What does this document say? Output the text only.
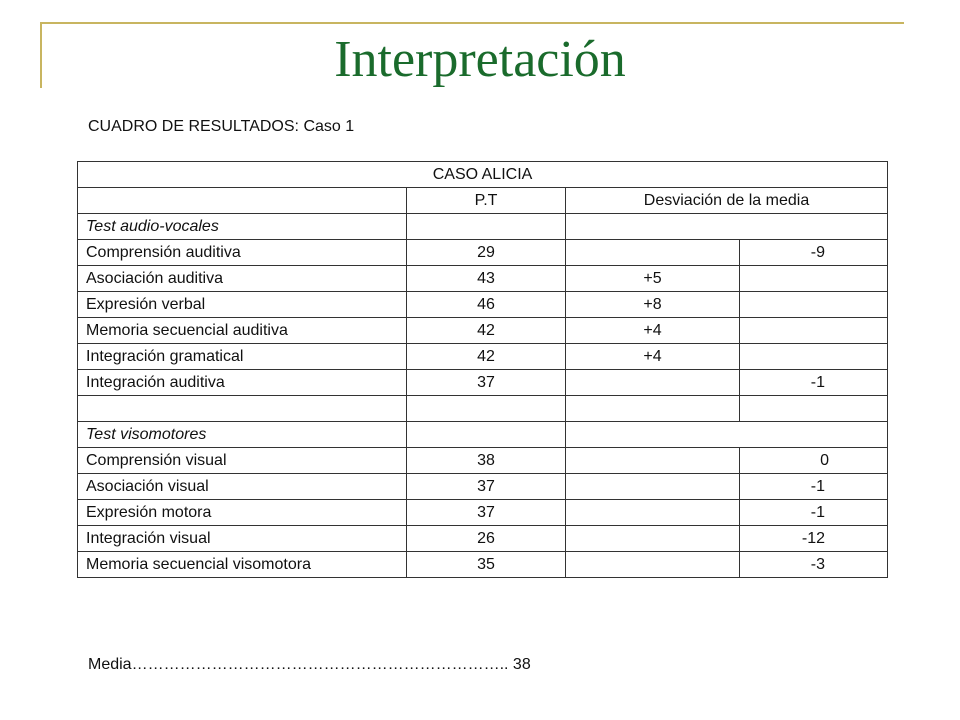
Interpretación

CUADRO DE RESULTADOS: Caso 1

CASO ALICIA			
	P.T	Desviación de la media	
Test audio-vocales			
Comprensión auditiva	29		-9
Asociación auditiva	43	+5	
Expresión verbal	46	+8	
Memoria secuencial auditiva	42	+4	
Integración gramatical	42	+4	
Integración auditiva	37		-1

Test visomotores			
Comprensión visual	38		0
Asociación visual	37		-1
Expresión motora	37		-1
Integración visual	26		-12
Memoria secuencial visomotora	35		-3

Media…………………………………………………………….. 38
